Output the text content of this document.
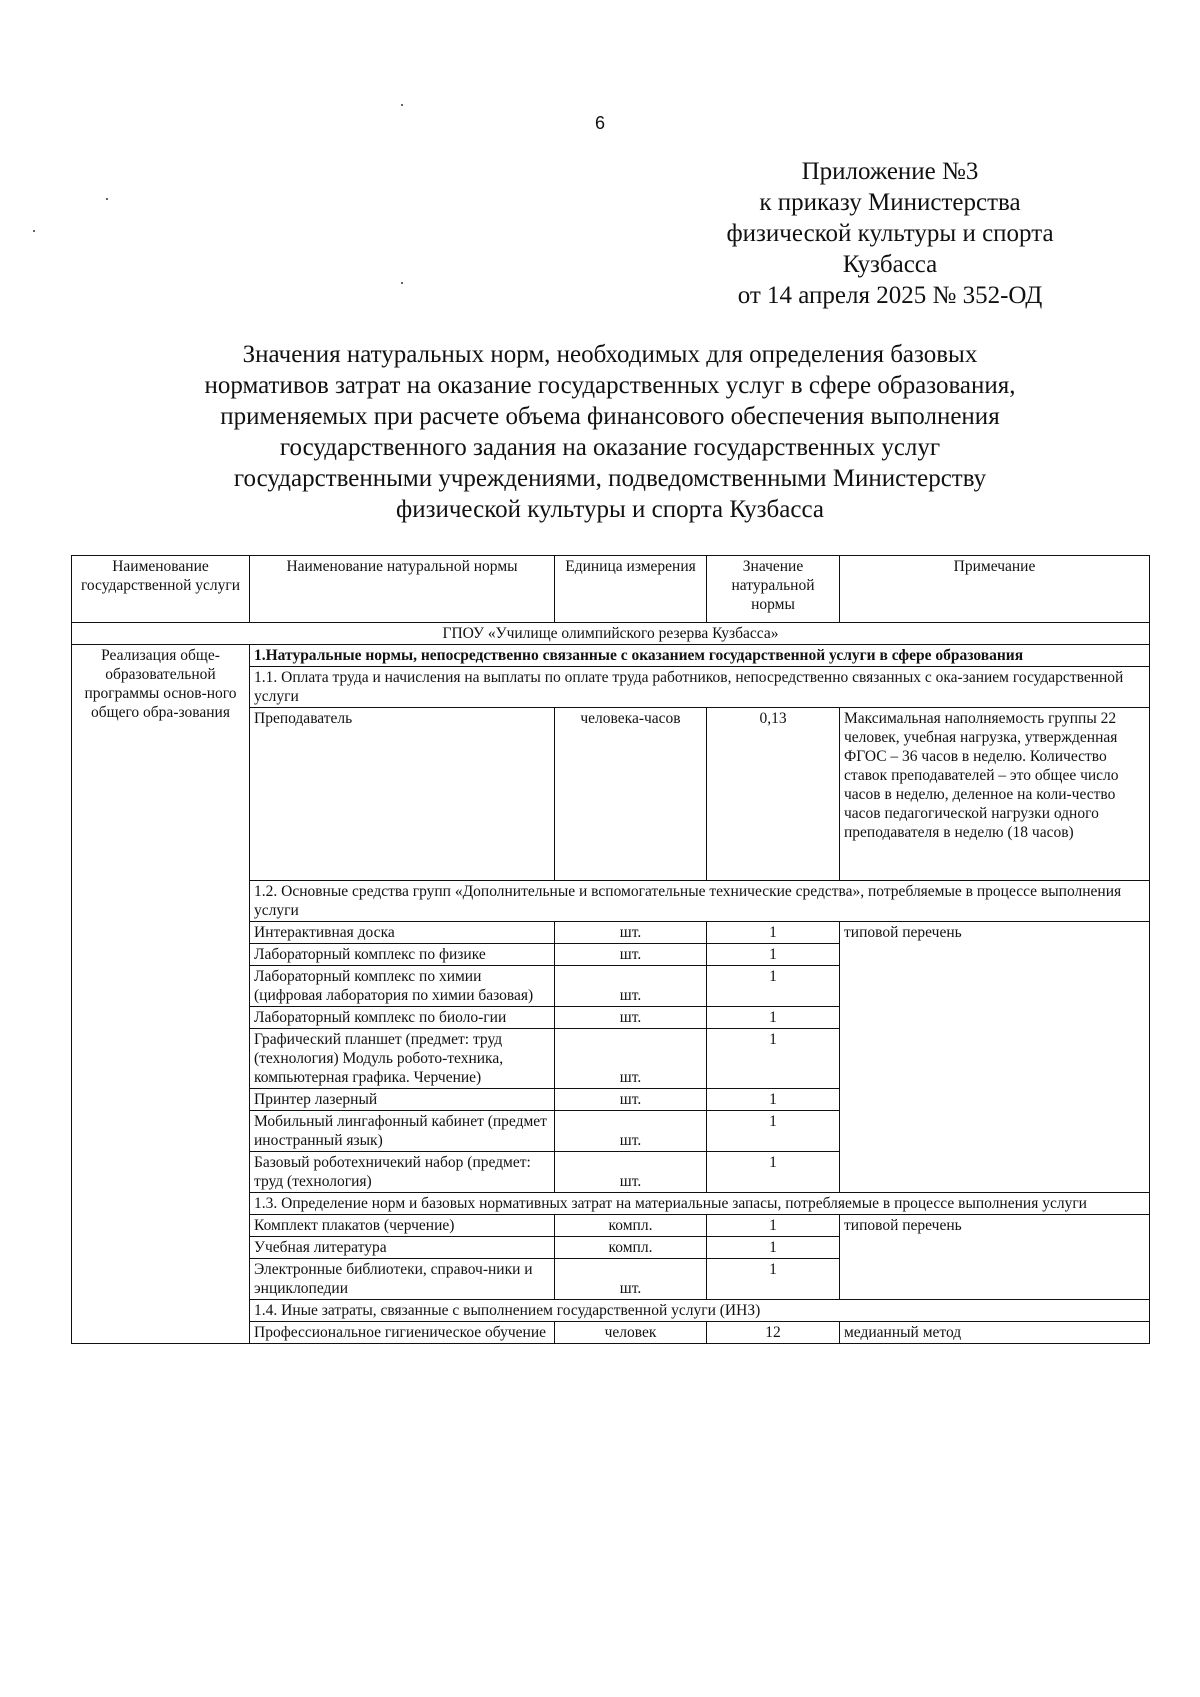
6
Приложение №3
к приказу Министерства
физической культуры и спорта
Кузбасса
от 14 апреля 2025 № 352-ОД
Значения натуральных норм, необходимых для определения базовых
нормативов затрат на оказание государственных услуг в сфере образования,
применяемых при расчете объема финансового обеспечения выполнения
государственного задания на оказание государственных услуг
государственными учреждениями, подведомственными Министерству
физической культуры и спорта Кузбасса
Наименование государственной услуги	Наименование натуральной нормы	Единица измерения	Значение натуральной нормы	Примечание
ГПОУ «Училище олимпийского резерва Кузбасса»				
Реализация обще-образовательной программы основ-ного общего обра-зования	1.Натуральные нормы, непосредственно связанные с оказанием государственной услуги в сфере образования			
	1.1. Оплата труда и начисления на выплаты по оплате труда работников, непосредственно связанных с ока-занием государственной услуги			
	Преподаватель	человека-часов	0,13	Максимальная наполняемость группы 22 человек, учебная нагрузка, утвержденная ФГОС – 36 часов в неделю. Количество ставок преподавателей – это общее число часов в неделю, деленное на коли-чество часов педагогической нагрузки одного преподавателя в неделю (18 часов)
	1.2. Основные средства групп «Дополнительные и вспомогательные технические средства», потребляемые в процессе выполнения услуги			
	Интерактивная доска	шт.	1	типовой перечень
	Лабораторный комплекс по физике	шт.	1	
	Лабораторный комплекс по химии (цифровая лаборатория по химии базовая)	шт.	1	
	Лабораторный комплекс по биоло-гии	шт.	1	
	Графический планшет (предмет: труд (технология) Модуль робото-техника, компьютерная графика. Черчение)	шт.	1	
	Принтер лазерный	шт.	1	
	Мобильный лингафонный кабинет (предмет иностранный язык)	шт.	1	
	Базовый роботехничекий набор (предмет: труд (технология)	шт.	1	
	1.3. Определение норм и базовых нормативных затрат на материальные запасы, потребляемые в процессе выполнения услуги			
	Комплект плакатов (черчение)	компл.	1	типовой перечень
	Учебная литература	компл.	1	
	Электронные библиотеки, справоч-ники и энциклопедии	шт.	1	
	1.4. Иные затраты, связанные с выполнением государственной услуги (ИНЗ)			
	Профессиональное гигиеническое обучение	человек	12	медианный метод
